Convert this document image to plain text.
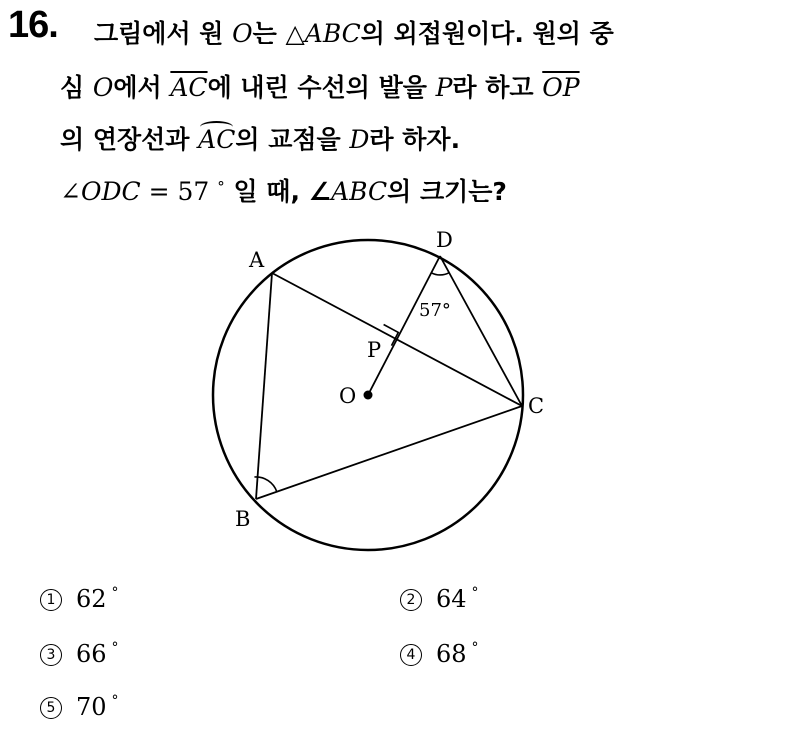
16. 그림에서 원 O는 △ABC의 외접원이다. 원의 중
심 O에서 $\overline{AC}$에 내린 수선의 발을 P라 하고 $\overline{OP}$
의 연장선과 AC의 교점을 D라 하자.
∠ODC = 57 ° 일 때, ∠ABC의 크기는?
A
B
C
D
O
P
57°
1 62 °	2 64 °
3 66 °	4 68 °
5 70 °
